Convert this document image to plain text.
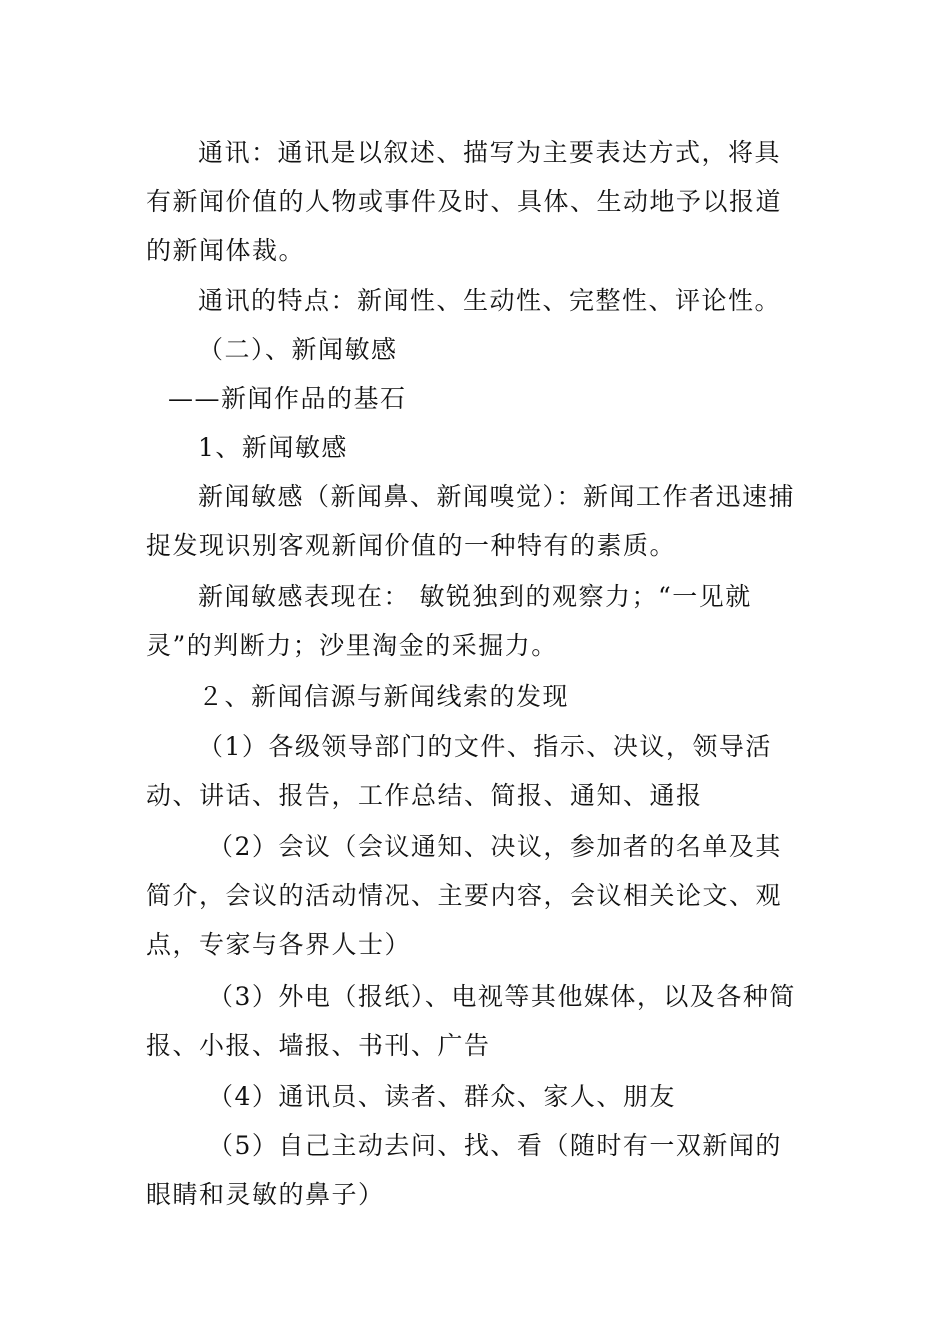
通讯：通讯是以叙述、描写为主要表达方式，将具有新闻价值的人物或事件及时、具体、生动地予以报道的新闻体裁。

通讯的特点：新闻性、生动性、完整性、评论性。

（二）、新闻敏感

——新闻作品的基石

1、新闻敏感

新闻敏感（新闻鼻、新闻嗅觉）：新闻工作者迅速捕捉发现识别客观新闻价值的一种特有的素质。

新闻敏感表现在： 敏锐独到的观察力；“一见就灵”的判断力；沙里淘金的采掘力。

２、新闻信源与新闻线索的发现

（1）各级领导部门的文件、指示、决议，领导活动、讲话、报告，工作总结、简报、通知、通报

（2）会议（会议通知、决议，参加者的名单及其简介，会议的活动情况、主要内容，会议相关论文、观点，专家与各界人士）

（3）外电（报纸）、电视等其他媒体，以及各种简报、小报、墙报、书刊、广告

（4）通讯员、读者、群众、家人、朋友

（5）自己主动去问、找、看（随时有一双新闻的眼睛和灵敏的鼻子）
